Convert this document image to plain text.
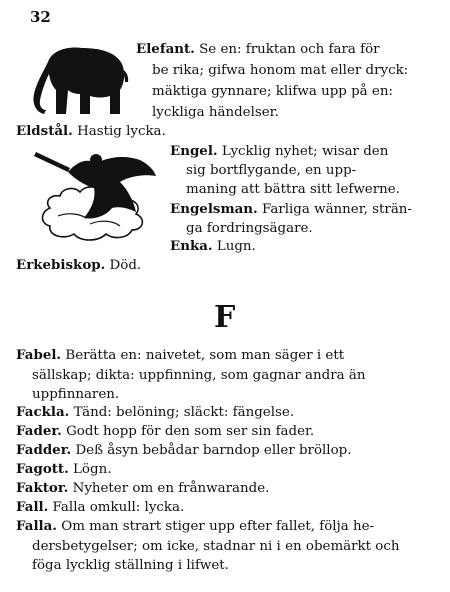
32
F
Elefant. Se en: fruktan och fara för
be rika; gifwa honom mat eller dryck:
mäktiga gynnare; klifwa upp på en:
lyckliga händelser.
Eldstål. Hastig lycka.
Engel. Lycklig nyhet; wisar den
sig bortflygande, en upp-
maning att bättra sitt lefwerne.
Engelsman. Farliga wänner, strän-
ga fordringsägare.
Enka. Lugn.
Erkebiskop. Död.
Fabel. Berätta en: naivetet, som man säger i ett
sällskap; dikta: uppfinning, som gagnar andra än
uppfinnaren.
Fackla. Tänd: belöning; släckt: fängelse.
Fader. Godt hopp för den som ser sin fader.
Fadder. Deß åsyn bebådar barndop eller bröllop.
Fagott. Lögn.
Faktor. Nyheter om en frånwarande.
Fall. Falla omkull: lycka.
Falla. Om man strart stiger upp efter fallet, följa he-
dersbetygelser; om icke, stadnar ni i en obemärkt och
föga lycklig ställning i lifwet.
